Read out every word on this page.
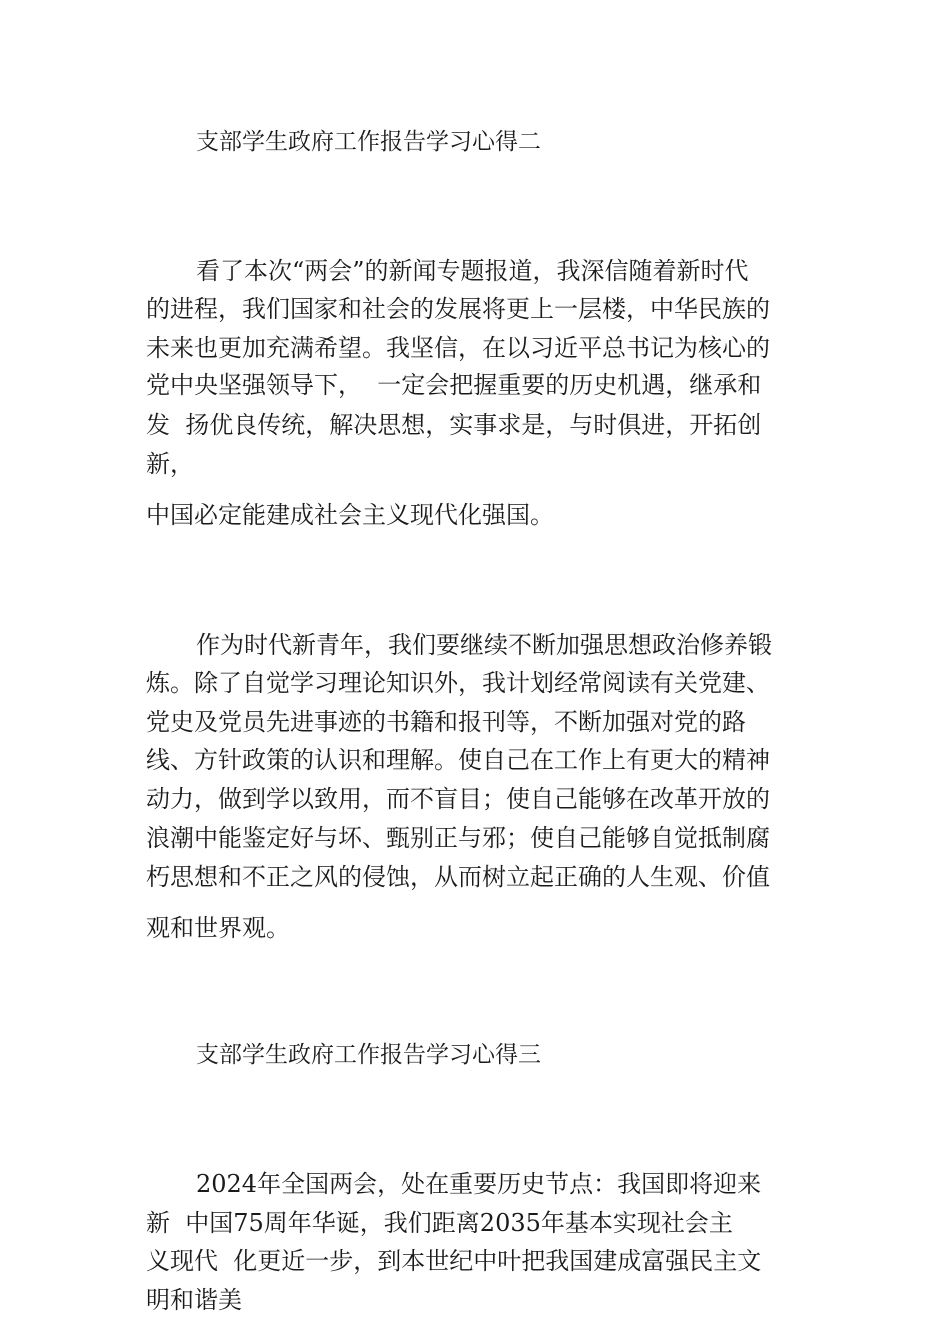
支部学生政府工作报告学习心得二
看了本次“两会”的新闻专题报道，我深信随着新时代
的进程，我们国家和社会的发展将更上一层楼，中华民族的
未来也更加充满希望。我坚信，在以习近平总书记为核心的
党中央坚强领导下，  一定会把握重要的历史机遇，继承和
发  扬优良传统，解决思想，实事求是，与时俱进，开拓创
新，
中国必定能建成社会主义现代化强国。
作为时代新青年，我们要继续不断加强思想政治修养锻
炼。除了自觉学习理论知识外，我计划经常阅读有关党建、
党史及党员先进事迹的书籍和报刊等，不断加强对党的路
线、方针政策的认识和理解。使自己在工作上有更大的精神
动力，做到学以致用，而不盲目；使自己能够在改革开放的
浪潮中能鉴定好与坏、甄别正与邪；使自己能够自觉抵制腐
朽思想和不正之风的侵蚀，从而树立起正确的人生观、价值
观和世界观。
支部学生政府工作报告学习心得三
2024年全国两会，处在重要历史节点：我国即将迎来
新  中国75周年华诞，我们距离2035年基本实现社会主
义现代  化更近一步，到本世纪中叶把我国建成富强民主文
明和谐美
